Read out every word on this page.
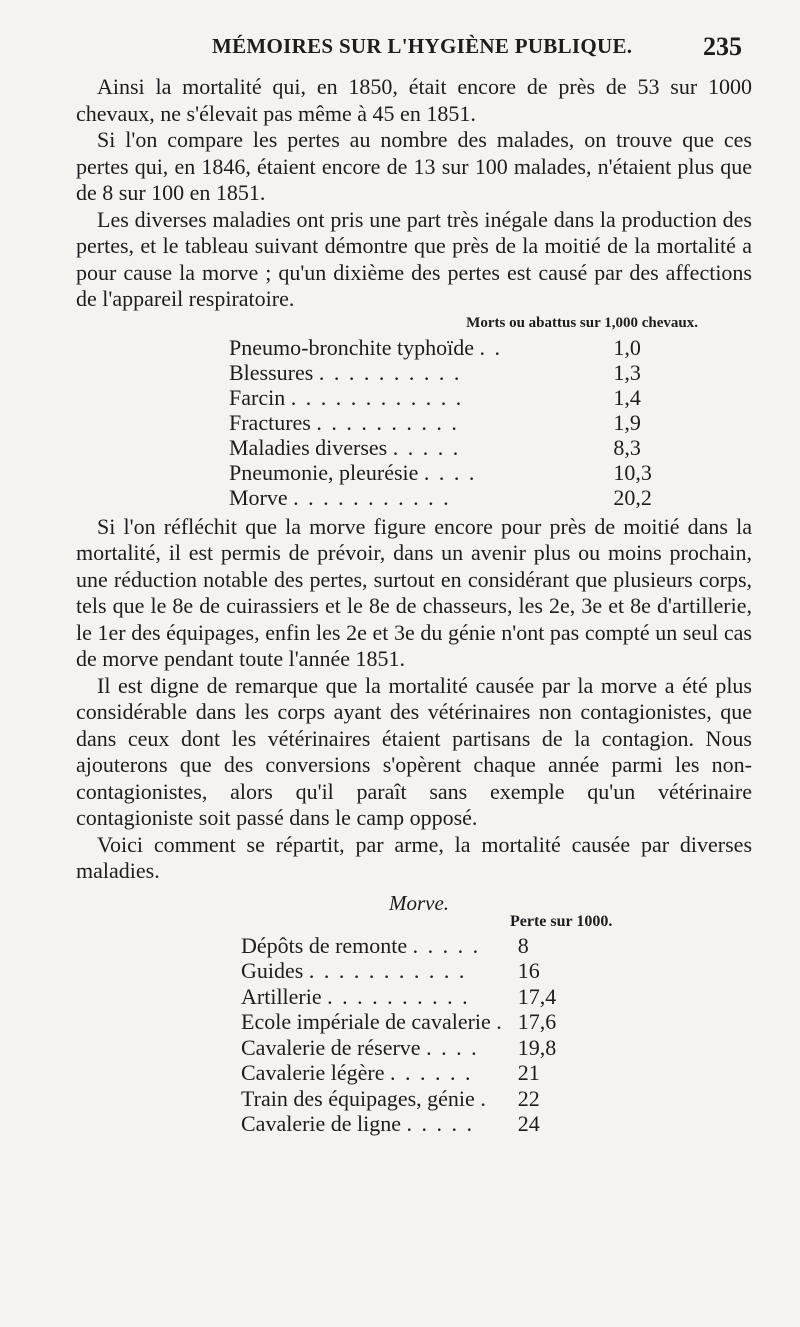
MÉMOIRES SUR L'HYGIÈNE PUBLIQUE.	235

Ainsi la mortalité qui, en 1850, était encore de près de 53 sur 1000 chevaux, ne s'élevait pas même à 45 en 1851.

Si l'on compare les pertes au nombre des malades, on trouve que ces pertes qui, en 1846, étaient encore de 13 sur 100 malades, n'étaient plus que de 8 sur 100 en 1851.

Les diverses maladies ont pris une part très inégale dans la production des pertes, et le tableau suivant démontre que près de la moitié de la mortalité a pour cause la morve ; qu'un dixième des pertes est causé par des affections de l'appareil respiratoire.

Morts ou abattus sur 1,000 chevaux.
Pneumo-bronchite typhoïde . .	1,0
Blessures . . . . . . . . . .	1,3
Farcin . . . . . . . . . . . .	1,4
Fractures . . . . . . . . . .	1,9
Maladies diverses . . . . .	8,3
Pneumonie, pleurésie . . . .	10,3
Morve . . . . . . . . . . .	20,2

Si l'on réfléchit que la morve figure encore pour près de moitié dans la mortalité, il est permis de prévoir, dans un avenir plus ou moins prochain, une réduction notable des pertes, surtout en considérant que plusieurs corps, tels que le 8e de cuirassiers et le 8e de chasseurs, les 2e, 3e et 8e d'artillerie, le 1er des équipages, enfin les 2e et 3e du génie n'ont pas compté un seul cas de morve pendant toute l'année 1851.

Il est digne de remarque que la mortalité causée par la morve a été plus considérable dans les corps ayant des vétérinaires non contagionistes, que dans ceux dont les vétérinaires étaient partisans de la contagion. Nous ajouterons que des conversions s'opèrent chaque année parmi les non-contagionistes, alors qu'il paraît sans exemple qu'un vétérinaire contagioniste soit passé dans le camp opposé.

Voici comment se répartit, par arme, la mortalité causée par diverses maladies.

Morve.
Perte sur 1000.
Dépôts de remonte . . . . .	8
Guides . . . . . . . . . . .	16
Artillerie . . . . . . . . . .	17,4
Ecole impériale de cavalerie .	17,6
Cavalerie de réserve . . . .	19,8
Cavalerie légère . . . . . .	21
Train des équipages, génie .	22
Cavalerie de ligne . . . . .	24
